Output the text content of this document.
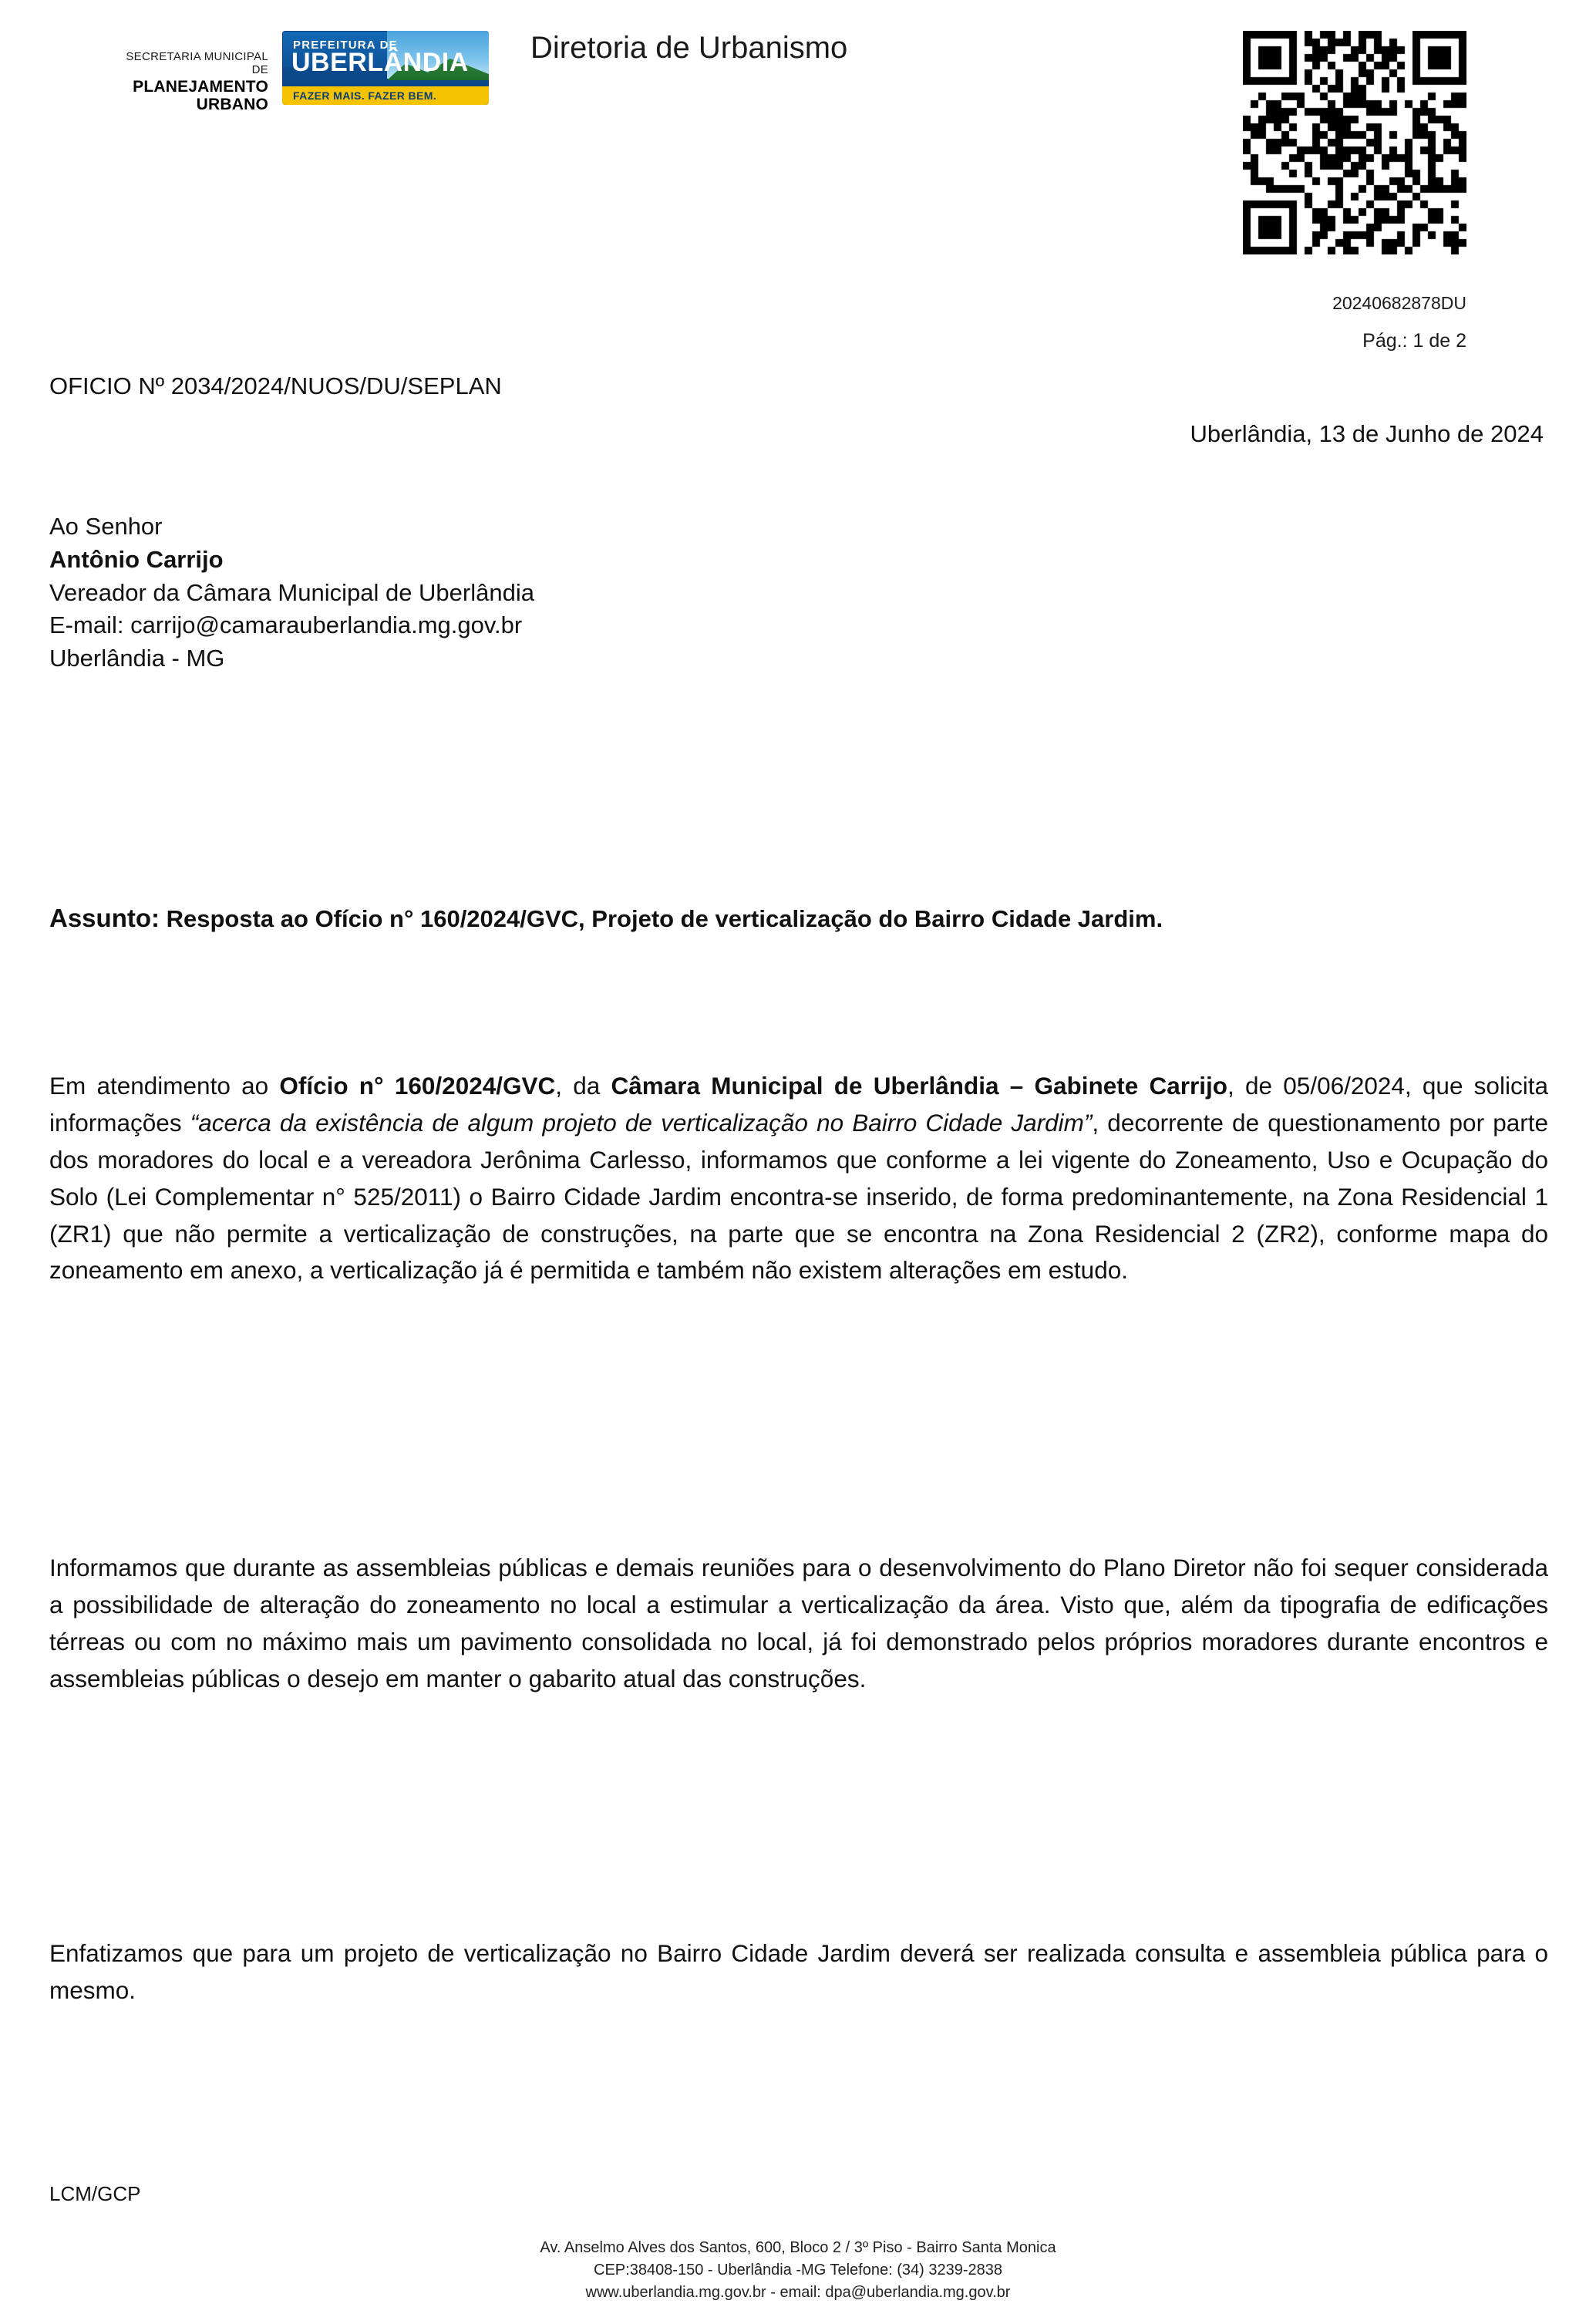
SECRETARIA MUNICIPAL DE
PLANEJAMENTO URBANO
PREFEITURA DE
UBERLÂNDIA
FAZER MAIS. FAZER BEM.
Diretoria de Urbanismo
20240682878DU
Pág.: 1 de 2
OFICIO Nº 2034/2024/NUOS/DU/SEPLAN
Uberlândia, 13 de Junho de 2024
Ao Senhor
Antônio Carrijo
Vereador da Câmara Municipal de Uberlândia
E-mail: carrijo@camarauberlandia.mg.gov.br
Uberlândia - MG
Assunto: Resposta ao Ofício n° 160/2024/GVC, Projeto de verticalização do Bairro Cidade Jardim.
Em atendimento ao Ofício n° 160/2024/GVC, da Câmara Municipal de Uberlândia – Gabinete Carrijo, de 05/06/2024, que solicita informações “acerca da existência de algum projeto de verticalização no Bairro Cidade Jardim”, decorrente de questionamento por parte dos moradores do local e a vereadora Jerônima Carlesso, informamos que conforme a lei vigente do Zoneamento, Uso e Ocupação do Solo (Lei Complementar n° 525/2011) o Bairro Cidade Jardim encontra-se inserido, de forma predominantemente, na Zona Residencial 1 (ZR1) que não permite a verticalização de construções, na parte que se encontra na Zona Residencial 2 (ZR2), conforme mapa do zoneamento em anexo, a verticalização já é permitida e também não existem alterações em estudo.
Informamos que durante as assembleias públicas e demais reuniões para o desenvolvimento do Plano Diretor não foi sequer considerada a possibilidade de alteração do zoneamento no local a estimular a verticalização da área. Visto que, além da tipografia de edificações térreas ou com no máximo mais um pavimento consolidada no local, já foi demonstrado pelos próprios moradores durante encontros e assembleias públicas o desejo em manter o gabarito atual das construções.
Enfatizamos que para um projeto de verticalização no Bairro Cidade Jardim deverá ser realizada consulta e assembleia pública para o mesmo.
LCM/GCP
Av. Anselmo Alves dos Santos, 600, Bloco 2 / 3º Piso - Bairro Santa Monica
CEP:38408-150 - Uberlândia -MG Telefone: (34) 3239-2838
www.uberlandia.mg.gov.br - email: dpa@uberlandia.mg.gov.br
